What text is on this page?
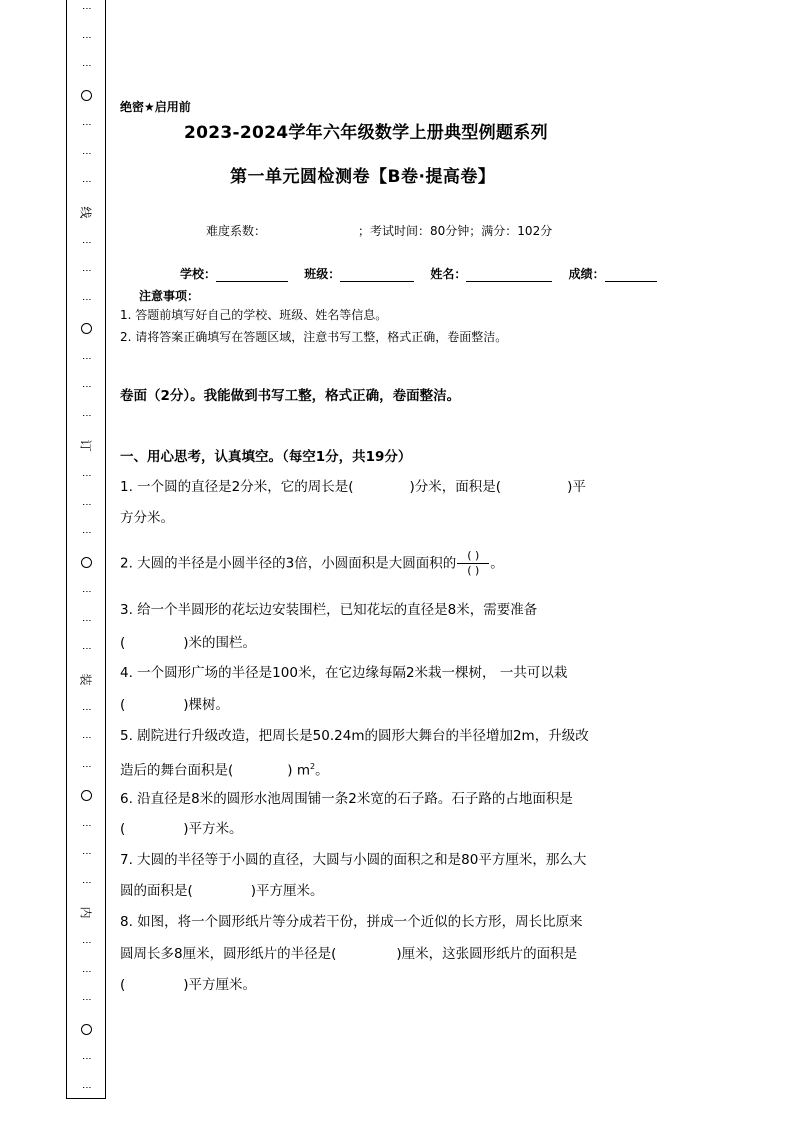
⋮
⋮
⋮
⋮
⋮
⋮
线
⋮
⋮
⋮
⋮
⋮
⋮
订
⋮
⋮
⋮
⋮
⋮
⋮
装
⋮
⋮
⋮
⋮
⋮
⋮
内
⋮
⋮
⋮
⋮
⋮
绝密★启用前
2023-2024学年六年级数学上册典型例题系列
第一单元圆检测卷【B卷·提高卷】
难度系数：	；考试时间：80分钟；满分：102分
学校：	班级：	姓名：	成绩：
注意事项：
1. 答题前填写好自己的学校、班级、姓名等信息。
2. 请将答案正确填写在答题区域，注意书写工整，格式正确，卷面整洁。
卷面（2分）。我能做到书写工整，格式正确，卷面整洁。
一、用心思考，认真填空。（每空1分，共19分）
1. 一个圆的直径是2分米，它的周长是(	)分米，面积是(	)平
方分米。
2. 大圆的半径是小圆半径的3倍，小圆面积是大圆面积的 $\frac{( )}{( )}$ 。
3. 给一个半圆形的花坛边安装围栏，已知花坛的直径是8米，需要准备
(	)米的围栏。
4. 一个圆形广场的半径是100米，在它边缘每隔2米栽一棵树， 一共可以栽
(	)棵树。
5. 剧院进行升级改造，把周长是50.24m的圆形大舞台的半径增加2m，升级改
造后的舞台面积是(	) $m^2$。
6. 沿直径是8米的圆形水池周围铺一条2米宽的石子路。石子路的占地面积是
(	)平方米。
7. 大圆的半径等于小圆的直径，大圆与小圆的面积之和是80平方厘米，那么大
圆的面积是(	)平方厘米。
8. 如图，将一个圆形纸片等分成若干份，拼成一个近似的长方形，周长比原来
圆周长多8厘米，圆形纸片的半径是(	)厘米，这张圆形纸片的面积是
(	)平方厘米。
